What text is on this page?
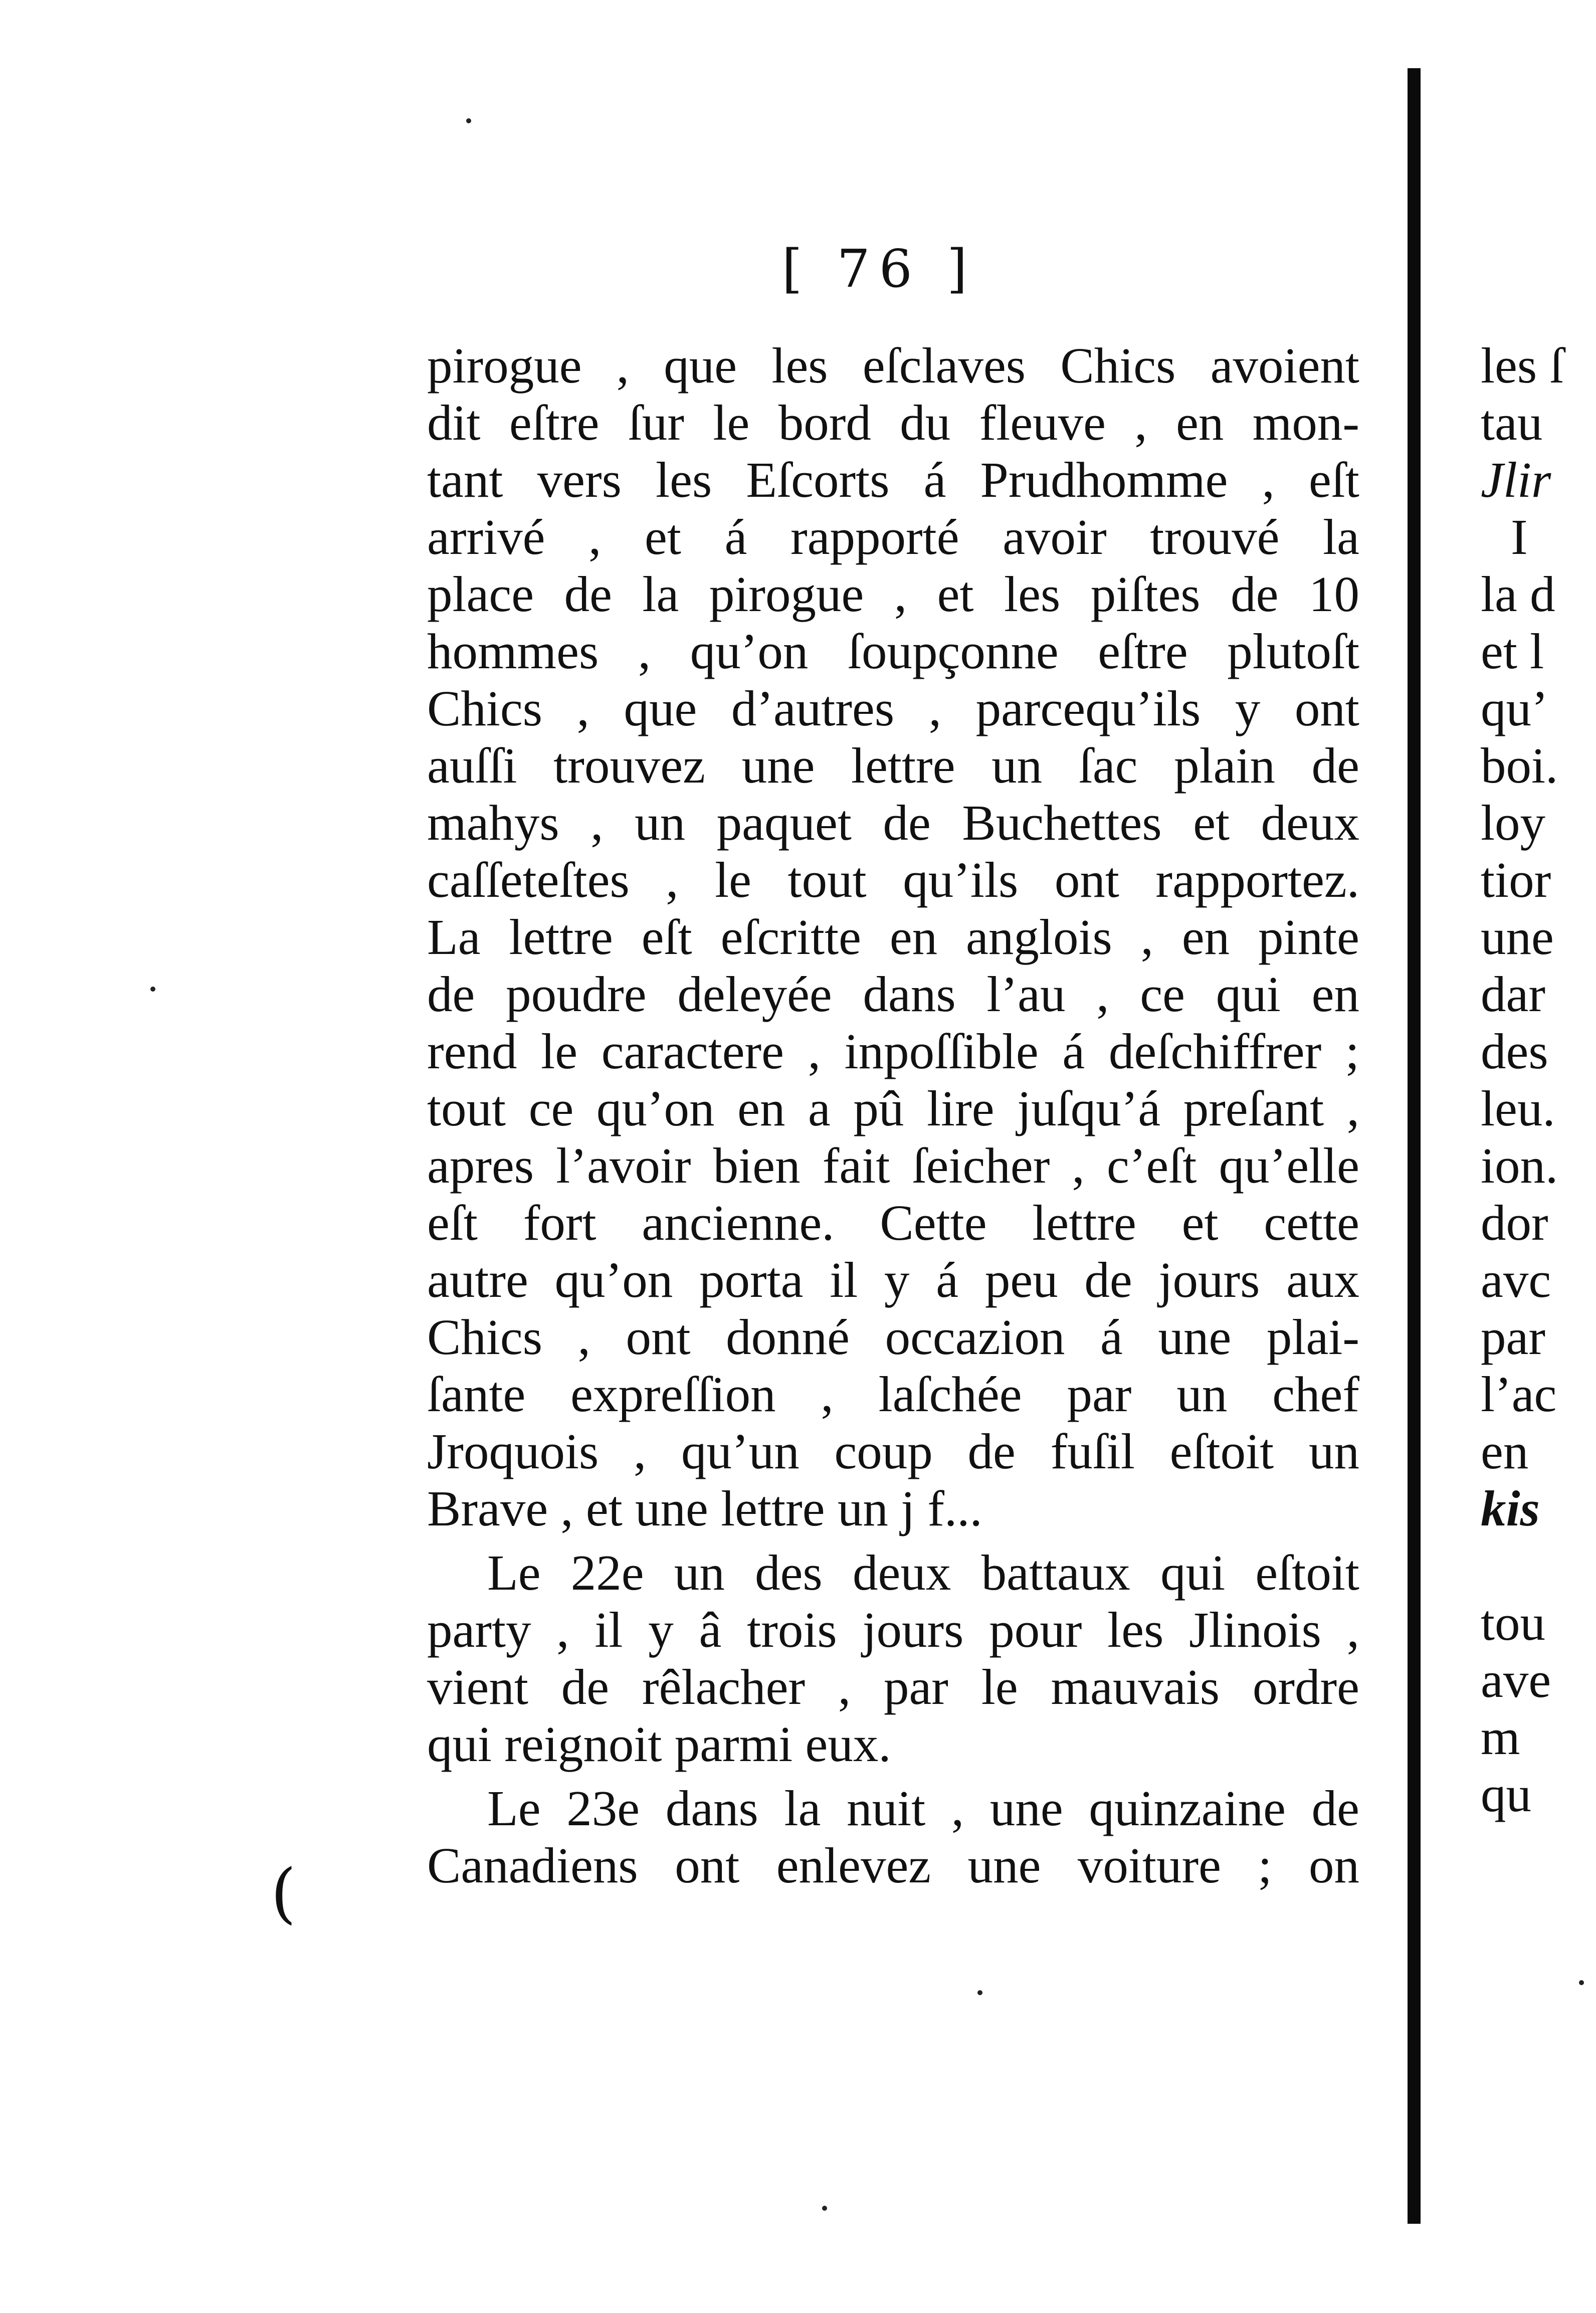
[ 76 ]
pirogue , que les eſclaves Chics avoient
dit eſtre ſur le bord du fleuve , en mon-
tant vers les Eſcorts á Prudhomme , eſt
arrivé , et á rapporté avoir trouvé la
place de la pirogue , et les piſtes de 10
hommes , qu’on ſoupçonne eſtre plutoſt
Chics , que d’autres , parcequ’ils y ont
auſſi trouvez une lettre un ſac plain de
mahys , un paquet de Buchettes et deux
caſſeteſtes , le tout qu’ils ont rapportez.
La lettre eſt eſcritte en anglois , en pinte
de poudre deleyée dans l’au , ce qui en
rend le caractere , inpoſſible á deſchiffrer ;
tout ce qu’on en a pû lire juſqu’á preſant ,
apres l’avoir bien fait ſeicher , c’eſt qu’elle
eſt fort ancienne. Cette lettre et cette
autre qu’on porta il y á peu de jours aux
Chics , ont donné occazion á une plai-
ſante expreſſion , laſchée par un chef
Jroquois , qu’un coup de fuſil eſtoit un
Brave , et une lettre un j f...
Le 22e un des deux battaux qui eſtoit
party , il y â trois jours pour les Jlinois ,
vient de rêlacher , par le mauvais ordre
qui reignoit parmi eux.
Le 23e dans la nuit , une quinzaine de
Canadiens ont enlevez une voiture ; on
les ſ
tau
Jlir
I
la d
et l
qu’
boi.
loy
tior
une
dar
des
leu.
ion.
dor
avc
par
l’ac
en
kis
tou
ave
m
qu
(
